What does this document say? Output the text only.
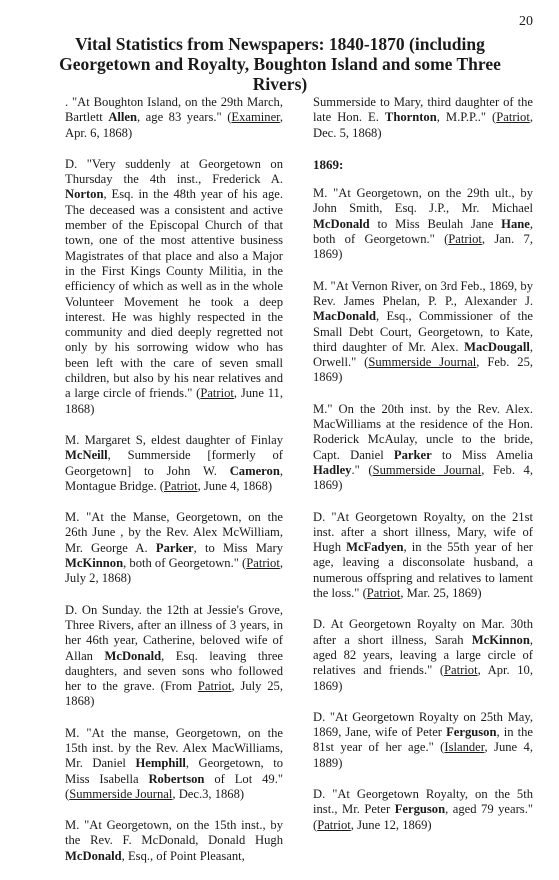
20
Vital Statistics from Newspapers: 1840-1870 (including Georgetown and Royalty, Boughton Island and some Three Rivers)

. "At Boughton Island, on the 29th March, Bartlett Allen, age 83 years." (Examiner, Apr. 6, 1868)

D. "Very suddenly at Georgetown on Thursday the 4th inst., Frederick A. Norton, Esq. in the 48th year of his age. The deceased was a consistent and active member of the Episcopal Church of that town, one of the most attentive business Magistrates of that place and also a Major in the First Kings County Militia, in the efficiency of which as well as in the whole Volunteer Movement he took a deep interest. He was highly respected in the community and died deeply regretted not only by his sorrowing widow who has been left with the care of seven small children, but also by his near relatives and a large circle of friends." (Patriot, June 11, 1868)

M. Margaret S, eldest daughter of Finlay McNeill, Summerside [formerly of Georgetown] to John W. Cameron, Montague Bridge. (Patriot, June 4, 1868)

M. "At the Manse, Georgetown, on the 26th June , by the Rev. Alex McWilliam, Mr. George A. Parker, to Miss Mary McKinnon, both of Georgetown." (Patriot, July 2, 1868)

D. On Sunday. the 12th at Jessie's Grove, Three Rivers, after an illness of 3 years, in her 46th year, Catherine, beloved wife of Allan McDonald, Esq. leaving three daughters, and seven sons who followed her to the grave. (From Patriot, July 25, 1868)

M. "At the manse, Georgetown, on the 15th inst. by the Rev. Alex MacWilliams, Mr. Daniel Hemphill, Georgetown, to Miss Isabella Robertson of Lot 49." (Summerside Journal, Dec.3, 1868)

M. "At Georgetown, on the 15th inst., by the Rev. F. McDonald, Donald Hugh McDonald, Esq., of Point Pleasant,

Summerside to Mary, third daughter of the late Hon. E. Thornton, M.P.P.." (Patriot, Dec. 5, 1868)

1869:

M. "At Georgetown, on the 29th ult., by John Smith, Esq. J.P., Mr. Michael McDonald to Miss Beulah Jane Hane, both of Georgetown." (Patriot, Jan. 7, 1869)

M. "At Vernon River, on 3rd Feb., 1869, by Rev. James Phelan, P. P., Alexander J. MacDonald, Esq., Commissioner of the Small Debt Court, Georgetown, to Kate, third daughter of Mr. Alex. MacDougall, Orwell." (Summerside Journal, Feb. 25, 1869)

M." On the 20th inst. by the Rev. Alex. MacWilliams at the residence of the Hon. Roderick McAulay, uncle to the bride, Capt. Daniel Parker to Miss Amelia Hadley." (Summerside Journal, Feb. 4, 1869)

D. "At Georgetown Royalty, on the 21st inst. after a short illness, Mary, wife of Hugh McFadyen, in the 55th year of her age, leaving a disconsolate husband, a numerous offspring and relatives to lament the loss." (Patriot, Mar. 25, 1869)

D. At Georgetown Royalty on Mar. 30th after a short illness, Sarah McKinnon, aged 82 years, leaving a large circle of relatives and friends." (Patriot, Apr. 10, 1869)

D. "At Georgetown Royalty on 25th May, 1869, Jane, wife of Peter Ferguson, in the 81st year of her age." (Islander, June 4, 1889)

D. "At Georgetown Royalty, on the 5th inst., Mr. Peter Ferguson, aged 79 years." (Patriot, June 12, 1869)
